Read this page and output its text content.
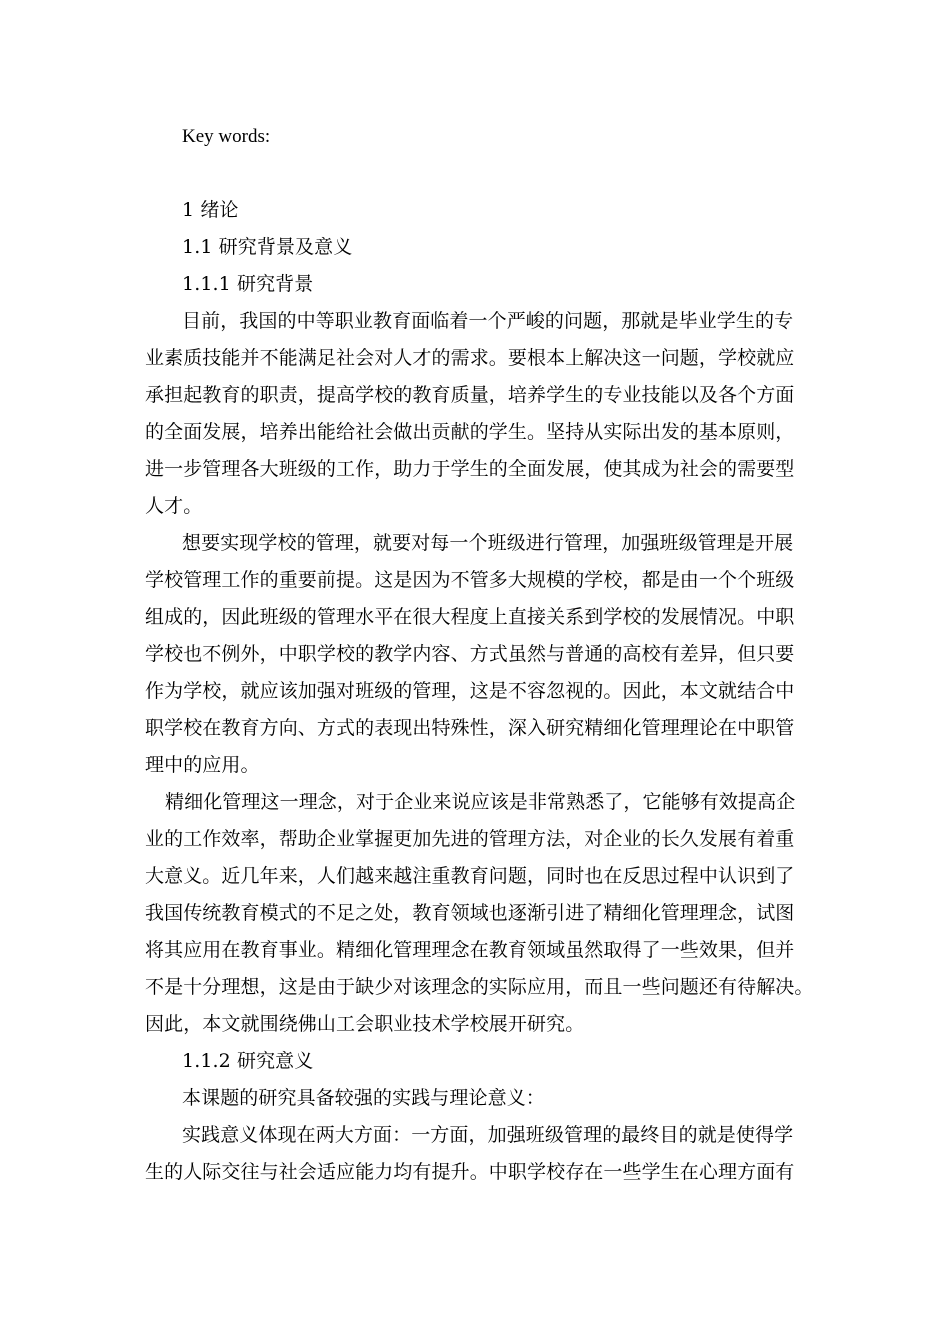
Key words:
1 绪论
1.1 研究背景及意义
1.1.1 研究背景
目前，我国的中等职业教育面临着一个严峻的问题，那就是毕业学生的专
业素质技能并不能满足社会对人才的需求。要根本上解决这一问题，学校就应
承担起教育的职责，提高学校的教育质量，培养学生的专业技能以及各个方面
的全面发展，培养出能给社会做出贡献的学生。坚持从实际出发的基本原则，
进一步管理各大班级的工作，助力于学生的全面发展，使其成为社会的需要型
人才。
想要实现学校的管理，就要对每一个班级进行管理，加强班级管理是开展
学校管理工作的重要前提。这是因为不管多大规模的学校，都是由一个个班级
组成的，因此班级的管理水平在很大程度上直接关系到学校的发展情况。中职
学校也不例外，中职学校的教学内容、方式虽然与普通的高校有差异，但只要
作为学校，就应该加强对班级的管理，这是不容忽视的。因此，本文就结合中
职学校在教育方向、方式的表现出特殊性，深入研究精细化管理理论在中职管
理中的应用。
精细化管理这一理念，对于企业来说应该是非常熟悉了，它能够有效提高企
业的工作效率，帮助企业掌握更加先进的管理方法，对企业的长久发展有着重
大意义。近几年来，人们越来越注重教育问题，同时也在反思过程中认识到了
我国传统教育模式的不足之处，教育领域也逐渐引进了精细化管理理念，试图
将其应用在教育事业。精细化管理理念在教育领域虽然取得了一些效果，但并
不是十分理想，这是由于缺少对该理念的实际应用，而且一些问题还有待解决。
因此，本文就围绕佛山工会职业技术学校展开研究。
1.1.2 研究意义
本课题的研究具备较强的实践与理论意义：
实践意义体现在两大方面：一方面，加强班级管理的最终目的就是使得学
生的人际交往与社会适应能力均有提升。中职学校存在一些学生在心理方面有
